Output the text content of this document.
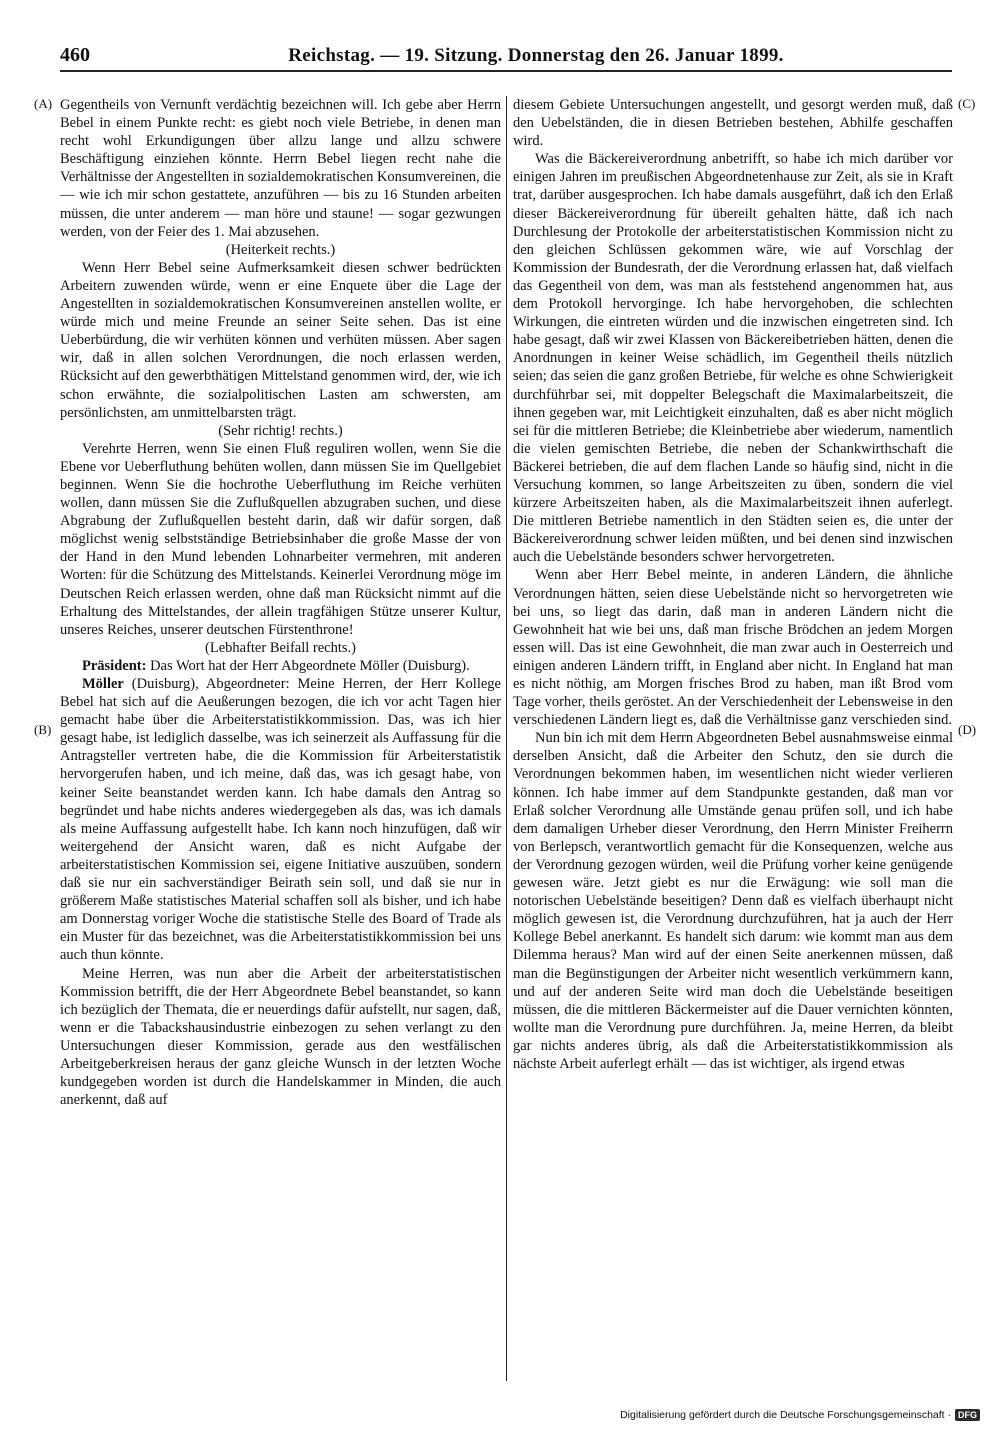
460	Reichstag. — 19. Sitzung. Donnerstag den 26. Januar 1899.
(A)
(B)
(C)
(D)

Gegentheils von Vernunft verdächtig bezeichnen will. Ich gebe aber Herrn Bebel in einem Punkte recht: es giebt noch viele Betriebe, in denen man recht wohl Erkundigungen über allzu lange und allzu schwere Beschäftigung einziehen könnte. Herrn Bebel liegen recht nahe die Verhältnisse der Angestellten in sozialdemokratischen Konsumvereinen, die — wie ich mir schon gestattete, anzuführen — bis zu 16 Stunden arbeiten müssen, die unter anderem — man höre und staune! — sogar gezwungen werden, von der Feier des 1. Mai abzusehen.

(Heiterkeit rechts.)

Wenn Herr Bebel seine Aufmerksamkeit diesen schwer bedrückten Arbeitern zuwenden würde, wenn er eine Enquete über die Lage der Angestellten in sozialdemokratischen Konsumvereinen anstellen wollte, er würde mich und meine Freunde an seiner Seite sehen. Das ist eine Ueberbürdung, die wir verhüten können und verhüten müssen. Aber sagen wir, daß in allen solchen Verordnungen, die noch erlassen werden, Rücksicht auf den gewerbthätigen Mittelstand genommen wird, der, wie ich schon erwähnte, die sozialpolitischen Lasten am schwersten, am persönlichsten, am unmittelbarsten trägt.

(Sehr richtig! rechts.)

Verehrte Herren, wenn Sie einen Fluß reguliren wollen, wenn Sie die Ebene vor Ueberfluthung behüten wollen, dann müssen Sie im Quellgebiet beginnen. Wenn Sie die hochrothe Ueberfluthung im Reiche verhüten wollen, dann müssen Sie die Zuflußquellen abzugraben suchen, und diese Abgrabung der Zuflußquellen besteht darin, daß wir dafür sorgen, daß möglichst wenig selbstständige Betriebsinhaber die große Masse der von der Hand in den Mund lebenden Lohnarbeiter vermehren, mit anderen Worten: für die Schützung des Mittelstands. Keinerlei Verordnung möge im Deutschen Reich erlassen werden, ohne daß man Rücksicht nimmt auf die Erhaltung des Mittelstandes, der allein tragfähigen Stütze unserer Kultur, unseres Reiches, unserer deutschen Fürstenthrone!

(Lebhafter Beifall rechts.)

Präsident: Das Wort hat der Herr Abgeordnete Möller (Duisburg).

Möller (Duisburg), Abgeordneter: Meine Herren, der Herr Kollege Bebel hat sich auf die Aeußerungen bezogen, die ich vor acht Tagen hier gemacht habe über die Arbeiterstatistikkommission. Das, was ich hier gesagt habe, ist lediglich dasselbe, was ich seinerzeit als Auffassung für die Antragsteller vertreten habe, die die Kommission für Arbeiterstatistik hervorgerufen haben, und ich meine, daß das, was ich gesagt habe, von keiner Seite beanstandet werden kann. Ich habe damals den Antrag so begründet und habe nichts anderes wiedergegeben als das, was ich damals als meine Auffassung aufgestellt habe. Ich kann noch hinzufügen, daß wir weitergehend der Ansicht waren, daß es nicht Aufgabe der arbeiterstatistischen Kommission sei, eigene Initiative auszuüben, sondern daß sie nur ein sachverständiger Beirath sein soll, und daß sie nur in größerem Maße statistisches Material schaffen soll als bisher, und ich habe am Donnerstag voriger Woche die statistische Stelle des Board of Trade als ein Muster für das bezeichnet, was die Arbeiterstatistikkommission bei uns auch thun könnte.

Meine Herren, was nun aber die Arbeit der arbeiterstatistischen Kommission betrifft, die der Herr Abgeordnete Bebel beanstandet, so kann ich bezüglich der Themata, die er neuerdings dafür aufstellt, nur sagen, daß, wenn er die Tabackshausindustrie einbezogen zu sehen verlangt zu den Untersuchungen dieser Kommission, gerade aus den westfälischen Arbeitgeberkreisen heraus der ganz gleiche Wunsch in der letzten Woche kundgegeben worden ist durch die Handelskammer in Minden, die auch anerkennt, daß auf

diesem Gebiete Untersuchungen angestellt, und gesorgt werden muß, daß den Uebelständen, die in diesen Betrieben bestehen, Abhilfe geschaffen wird.

Was die Bäckereiverordnung anbetrifft, so habe ich mich darüber vor einigen Jahren im preußischen Abgeordnetenhause zur Zeit, als sie in Kraft trat, darüber ausgesprochen. Ich habe damals ausgeführt, daß ich den Erlaß dieser Bäckereiverordnung für übereilt gehalten hätte, daß ich nach Durchlesung der Protokolle der arbeiterstatistischen Kommission nicht zu den gleichen Schlüssen gekommen wäre, wie auf Vorschlag der Kommission der Bundesrath, der die Verordnung erlassen hat, daß vielfach das Gegentheil von dem, was man als feststehend angenommen hat, aus dem Protokoll hervorginge. Ich habe hervorgehoben, die schlechten Wirkungen, die eintreten würden und die inzwischen eingetreten sind. Ich habe gesagt, daß wir zwei Klassen von Bäckereibetrieben hätten, denen die Anordnungen in keiner Weise schädlich, im Gegentheil theils nützlich seien; das seien die ganz großen Betriebe, für welche es ohne Schwierigkeit durchführbar sei, mit doppelter Belegschaft die Maximalarbeitszeit, die ihnen gegeben war, mit Leichtigkeit einzuhalten, daß es aber nicht möglich sei für die mittleren Betriebe; die Kleinbetriebe aber wiederum, namentlich die vielen gemischten Betriebe, die neben der Schankwirthschaft die Bäckerei betrieben, die auf dem flachen Lande so häufig sind, nicht in die Versuchung kommen, so lange Arbeitszeiten zu üben, sondern die viel kürzere Arbeitszeiten haben, als die Maximalarbeitszeit ihnen auferlegt. Die mittleren Betriebe namentlich in den Städten seien es, die unter der Bäckereiverordnung schwer leiden müßten, und bei denen sind inzwischen auch die Uebelstände besonders schwer hervorgetreten.

Wenn aber Herr Bebel meinte, in anderen Ländern, die ähnliche Verordnungen hätten, seien diese Uebelstände nicht so hervorgetreten wie bei uns, so liegt das darin, daß man in anderen Ländern nicht die Gewohnheit hat wie bei uns, daß man frische Brödchen an jedem Morgen essen will. Das ist eine Gewohnheit, die man zwar auch in Oesterreich und einigen anderen Ländern trifft, in England aber nicht. In England hat man es nicht nöthig, am Morgen frisches Brod zu haben, man ißt Brod vom Tage vorher, theils geröstet. An der Verschiedenheit der Lebensweise in den verschiedenen Ländern liegt es, daß die Verhältnisse ganz verschieden sind.

Nun bin ich mit dem Herrn Abgeordneten Bebel ausnahmsweise einmal derselben Ansicht, daß die Arbeiter den Schutz, den sie durch die Verordnungen bekommen haben, im wesentlichen nicht wieder verlieren können. Ich habe immer auf dem Standpunkte gestanden, daß man vor Erlaß solcher Verordnung alle Umstände genau prüfen soll, und ich habe dem damaligen Urheber dieser Verordnung, den Herrn Minister Freiherrn von Berlepsch, verantwortlich gemacht für die Konsequenzen, welche aus der Verordnung gezogen würden, weil die Prüfung vorher keine genügende gewesen wäre. Jetzt giebt es nur die Erwägung: wie soll man die notorischen Uebelstände beseitigen? Denn daß es vielfach überhaupt nicht möglich gewesen ist, die Verordnung durchzuführen, hat ja auch der Herr Kollege Bebel anerkannt. Es handelt sich darum: wie kommt man aus dem Dilemma heraus? Man wird auf der einen Seite anerkennen müssen, daß man die Begünstigungen der Arbeiter nicht wesentlich verkümmern kann, und auf der anderen Seite wird man doch die Uebelstände beseitigen müssen, die die mittleren Bäckermeister auf die Dauer vernichten könnten, wollte man die Verordnung pure durchführen. Ja, meine Herren, da bleibt gar nichts anderes übrig, als daß die Arbeiterstatistikkommission als nächste Arbeit auferlegt erhält — das ist wichtiger, als irgend etwas

Digitalisierung gefördert durch die Deutsche Forschungsgemeinschaft · DFG
